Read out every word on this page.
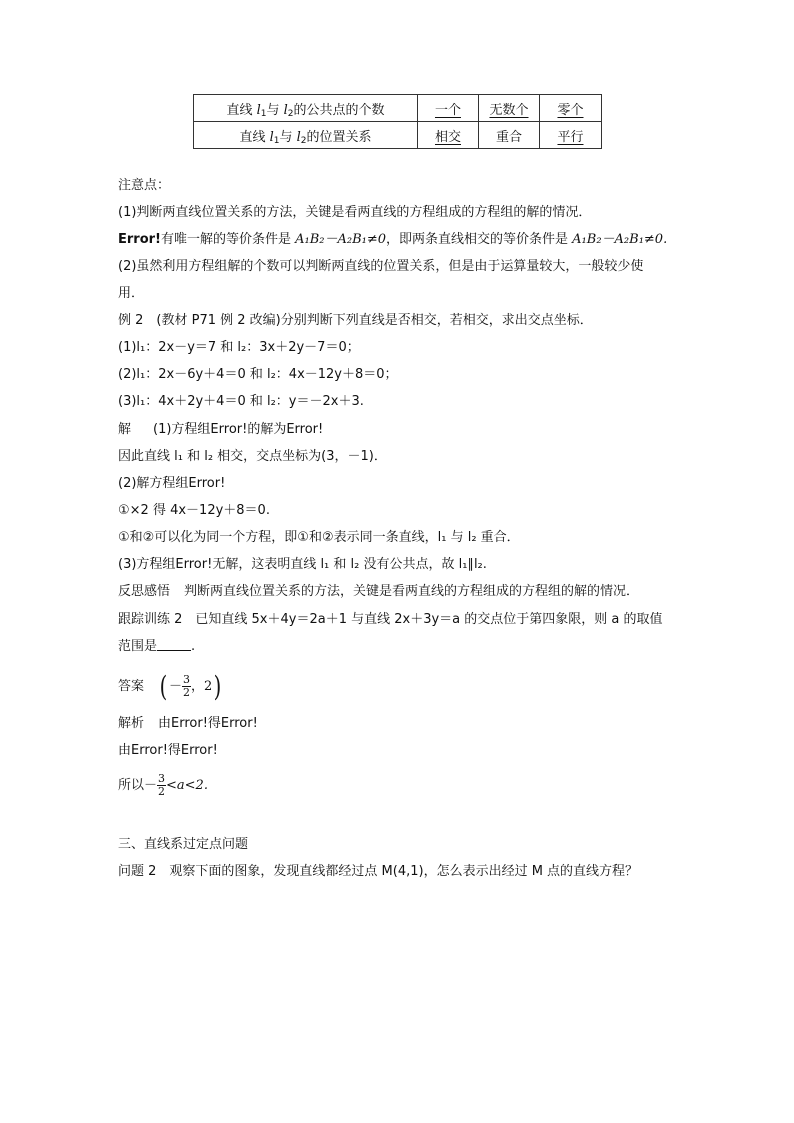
直线 $l_1$与 $l_2$的公共点的个数	一个	无数个	零个
直线 $l_1$与 $l_2$的位置关系	相交	重合	平行
注意点：
(1)判断两直线位置关系的方法，关键是看两直线的方程组成的方程组的解的情况．
Error!有唯一解的等价条件是 A₁B₂－A₂B₁≠0，即两条直线相交的等价条件是 A₁B₂－A₂B₁≠0.
(2)虽然利用方程组解的个数可以判断两直线的位置关系，但是由于运算量较大，一般较少使
用．
例 2　(教材 P71 例 2 改编)分别判断下列直线是否相交，若相交，求出交点坐标．
(1)l₁：2x－y＝7 和 l₂：3x＋2y－7＝0；
(2)l₁：2x－6y＋4＝0 和 l₂：4x－12y＋8＝0；
(3)l₁：4x＋2y＋4＝0 和 l₂：y＝－2x＋3.
解 (1)方程组Error!的解为Error!
因此直线 l₁ 和 l₂ 相交，交点坐标为(3，－1)．
(2)解方程组Error!
①×2 得 4x－12y＋8＝0.
①和②可以化为同一个方程，即①和②表示同一条直线，l₁ 与 l₂ 重合．
(3)方程组Error!无解，这表明直线 l₁ 和 l₂ 没有公共点，故 l₁∥l₂.
反思感悟 判断两直线位置关系的方法，关键是看两直线的方程组成的方程组的解的情况．
跟踪训练 2　已知直线 5x＋4y＝2a＋1 与直线 2x＋3y＝a 的交点位于第四象限，则 a 的取值
范围是	.
答案 ( － $\frac{3}{2}$ ，2)
解析 由Error!得Error!
由Error!得Error!
所以－ $\frac{3}{2} <a<2$.
三、直线系过定点问题
问题 2　观察下面的图象，发现直线都经过点 M(4,1)，怎么表示出经过 M 点的直线方程？
